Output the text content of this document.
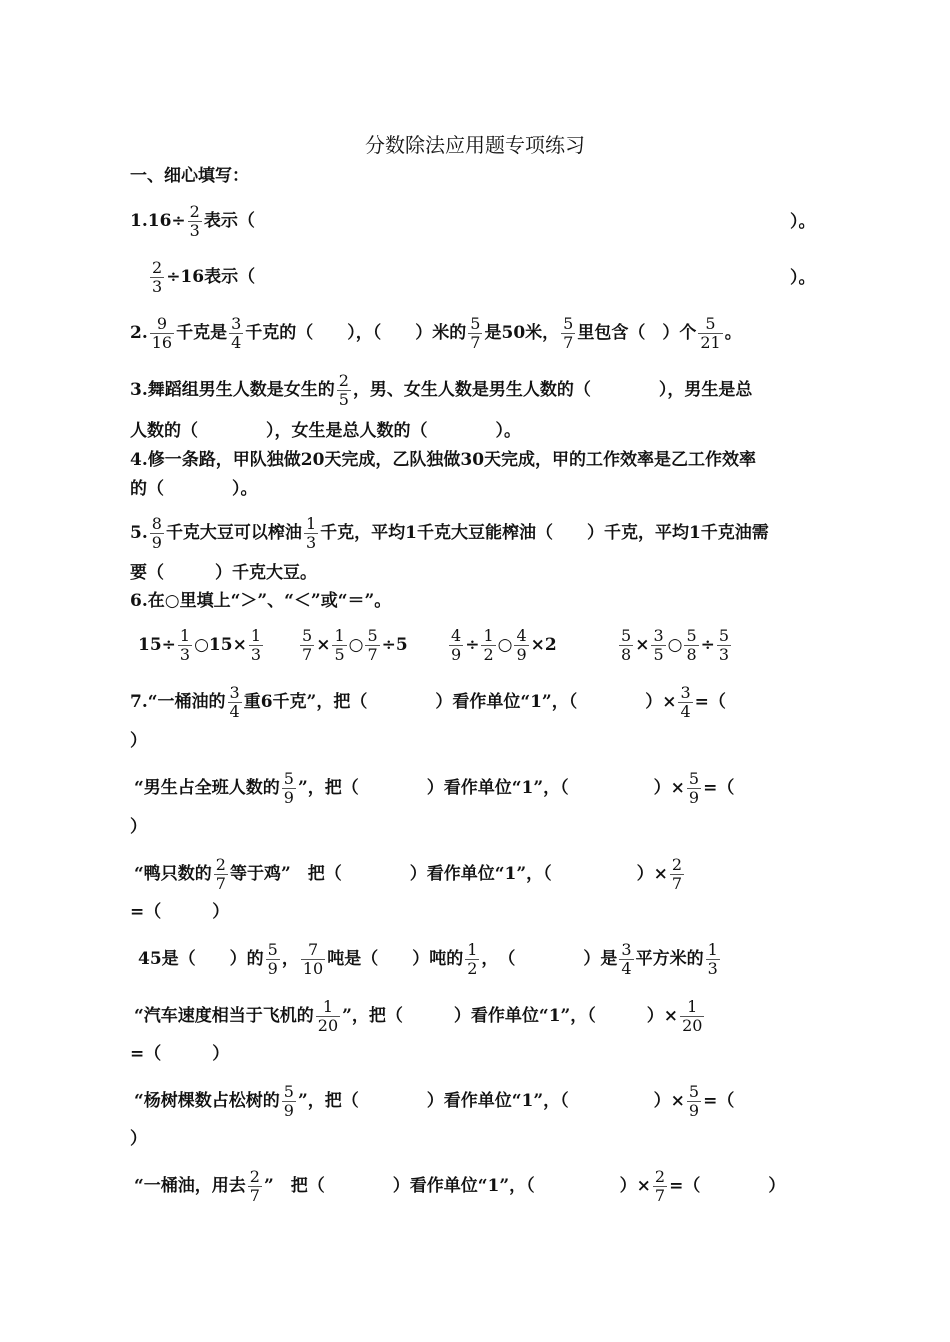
分数除法应用题专项练习
一、细心填写：
$1.16\div \frac{2}{3}$ 表示（	）。
$\frac{2}{3} \div 16$表示（	）。
2. $\frac{9}{16}$ 千克是 $\frac{3}{4}$ 千克的（　　），（　　）米的 $\frac{5}{7}$ 是50米， $\frac{5}{7}$ 里包含（　）个 $\frac{5}{21}$ 。
3.舞蹈组男生人数是女生的 $\frac{2}{5}$ ，男、女生人数是男生人数的（　　　　），男生是总
人数的（　　　　），女生是总人数的（　　　　）。
4.修一条路，甲队独做20天完成，乙队独做30天完成，甲的工作效率是乙工作效率
的（　　　　）。
5. $\frac{8}{9}$ 千克大豆可以榨油 $\frac{1}{3}$ 千克，平均1千克大豆能榨油（　　）千克，平均1千克油需
要（　　　）千克大豆。
6.在○里填上“＞”、“＜”或“＝”。
$15\div \frac{1}{3}$ ○15× $\frac{1}{3} \frac{5}{7} \times \frac{1}{5}$ ○ $\frac{5}{7} \div 5$	$\frac{4}{9} \div \frac{1}{2}$ ○ $\frac{4}{9} \times 2$	$\frac{5}{8} \times \frac{3}{5}$ ○ $\frac{5}{8} \div \frac{5}{3}$
7.“一桶油的 $\frac{3}{4}$ 重6千克”，把（　　　　）看作单位“1”，（　　　　）× $\frac{3}{4}$ =（
）
“男生占全班人数的 $\frac{5}{9}$ ”，把（　　　　）看作单位“1”，（　　　　　）× $\frac{5}{9}$ =（
）
“鸭只数的 $\frac{2}{7}$ 等于鸡”　把（　　　　）看作单位“1”，（　　　　　）× $\frac{2}{7}$
=（　　　）
45是（　　）的 $\frac{5}{9}$ ， $\frac{7}{10}$ 吨是（　　）吨的 $\frac{1}{2}$ ，　（　　　　）是 $\frac{3}{4}$ 平方米的 $\frac{1}{3}$
“汽车速度相当于飞机的 $\frac{1}{20}$ ”，把（　　　）看作单位“1”，（　　　）× $\frac{1}{20}$
=（　　　）
“杨树棵数占松树的 $\frac{5}{9}$ ”，把（　　　　）看作单位“1”，（　　　　　）× $\frac{5}{9}$ =（
）
“一桶油，用去 $\frac{2}{7}$ ”　把（　　　　）看作单位“1”，（　　　　　）× $\frac{2}{7}$ =（　　　　）
